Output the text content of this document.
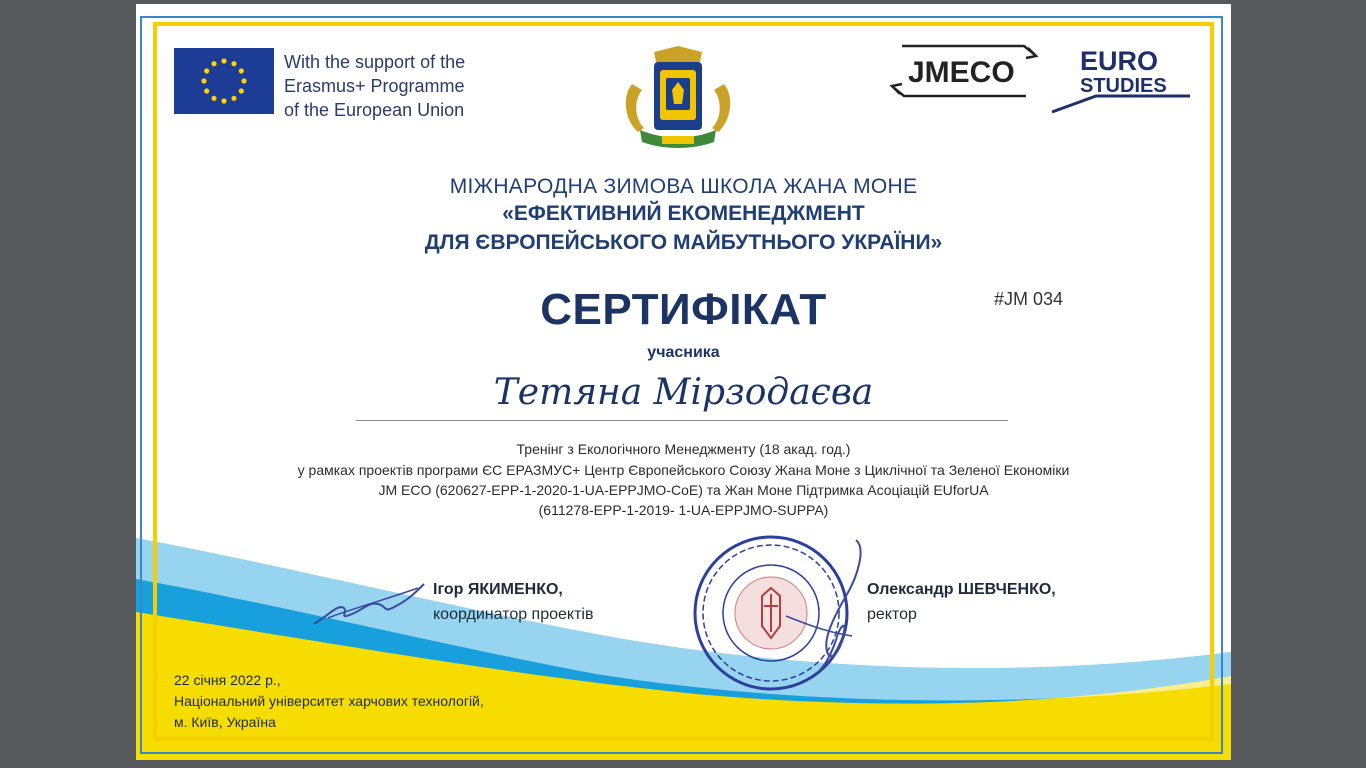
With the support of the
Erasmus+ Programme
of the European Union
JMECO EURO
STUDIES
МІЖНАРОДНА ЗИМОВА ШКОЛА ЖАНА МОНЕ
«ЕФЕКТИВНИЙ ЕКОМЕНЕДЖМЕНТ
ДЛЯ ЄВРОПЕЙСЬКОГО МАЙБУТНЬОГО УКРАЇНИ»
СЕРТИФІКАТ	#JM 034
учасника
Тетяна Мірзодаєва
Тренінг з Екологічного Менеджменту (18 акад. год.)
у рамках проектів програми ЄС ЕРАЗМУС+ Центр Європейського Союзу Жана Моне з Циклічної та Зеленої Економіки
JM ECO (620627-EPP-1-2020-1-UA-EPPJMO-CoE) та Жан Моне Підтримка Асоціацій EUforUA
(611278-EPP-1-2019- 1-UA-EPPJMO-SUPPA)
Ігор ЯКИМЕНКО,
координатор проектів
Олександр ШЕВЧЕНКО,
ректор
22 січня 2022 р.,
Національний університет харчових технологій,
м. Київ, Україна
